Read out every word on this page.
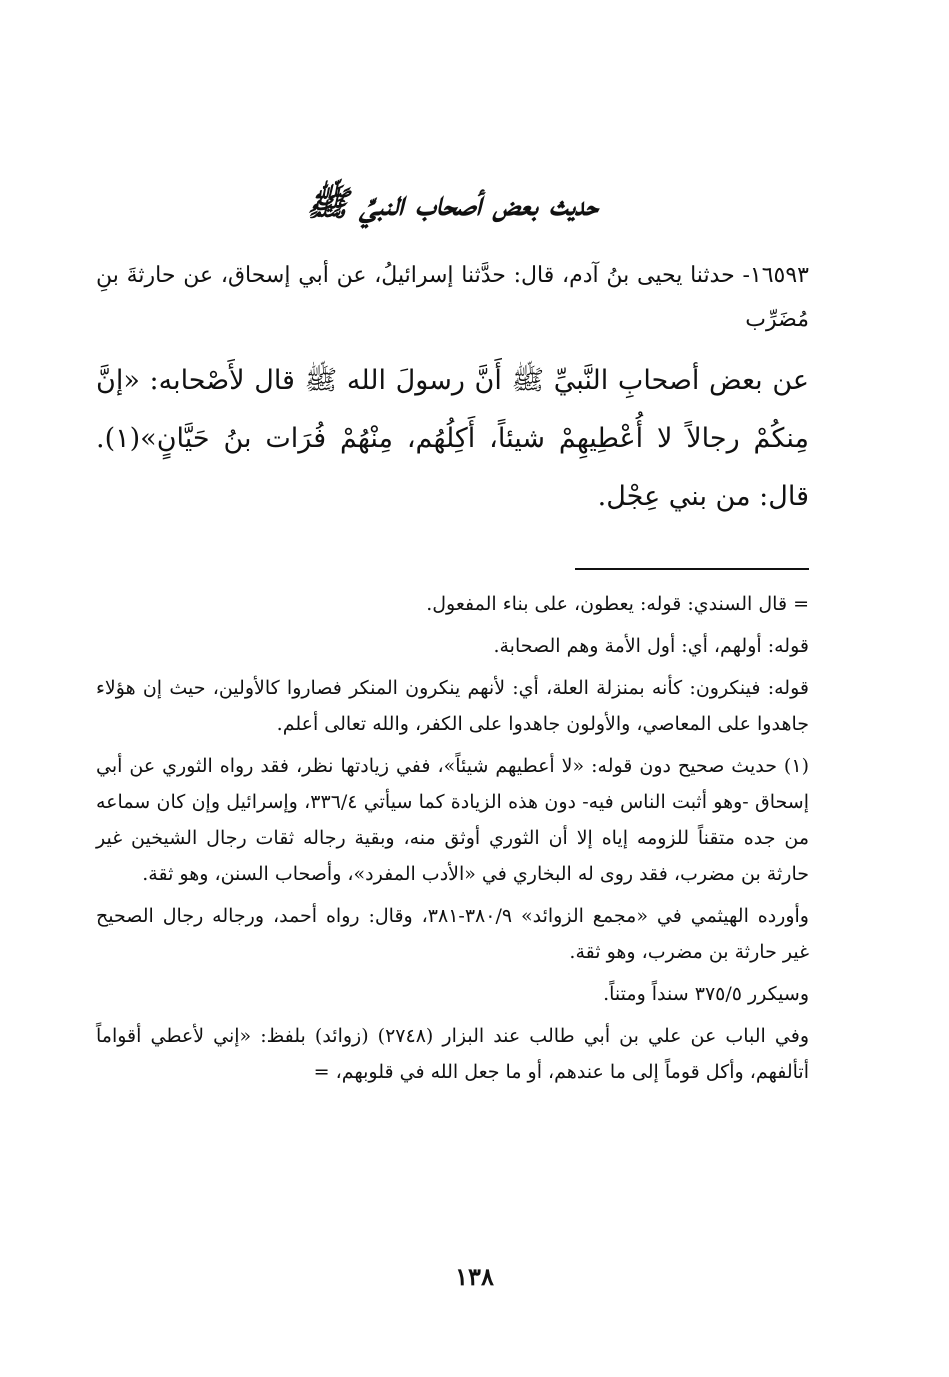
حديث بعض أصحاب النبيِّ ﷺ

١٦٥٩٣- حدثنا يحيى بنُ آدم، قال: حدَّثنا إسرائيلُ، عن أبي إسحاق، عن حارثةَ بنِ مُضَرِّب

عن بعض أصحابِ النَّبيِّ ﷺ أَنَّ رسولَ الله ﷺ قال لأَصْحابه: «إنَّ مِنكُمْ رجالاً لا أُعْطِيهِمْ شيئاً، أَكِلُهُم، مِنْهُمْ فُرَات بنُ حَيَّانٍ»(١). قال: من بني عِجْل.

= قال السندي: قوله: يعطون، على بناء المفعول.

قوله: أولهم، أي: أول الأمة وهم الصحابة.

قوله: فينكرون: كأنه بمنزلة العلة، أي: لأنهم ينكرون المنكر فصاروا كالأولين، حيث إن هؤلاء جاهدوا على المعاصي، والأولون جاهدوا على الكفر، والله تعالى أعلم.

(١) حديث صحيح دون قوله: «لا أعطيهم شيئاً»، ففي زيادتها نظر، فقد رواه الثوري عن أبي إسحاق -وهو أثبت الناس فيه- دون هذه الزيادة كما سيأتي ٣٣٦/٤، وإسرائيل وإن كان سماعه من جده متقناً للزومه إياه إلا أن الثوري أوثق منه، وبقية رجاله ثقات رجال الشيخين غير حارثة بن مضرب، فقد روى له البخاري في «الأدب المفرد»، وأصحاب السنن، وهو ثقة.

وأورده الهيثمي في «مجمع الزوائد» ٣٨٠/٩-٣٨١، وقال: رواه أحمد، ورجاله رجال الصحيح غير حارثة بن مضرب، وهو ثقة.

وسيكرر ٣٧٥/٥ سنداً ومتناً.

وفي الباب عن علي بن أبي طالب عند البزار (٢٧٤٨) (زوائد) بلفظ: «إني لأعطي أقواماً أتألفهم، وأكل قوماً إلى ما عندهم، أو ما جعل الله في قلوبهم، =

١٣٨
